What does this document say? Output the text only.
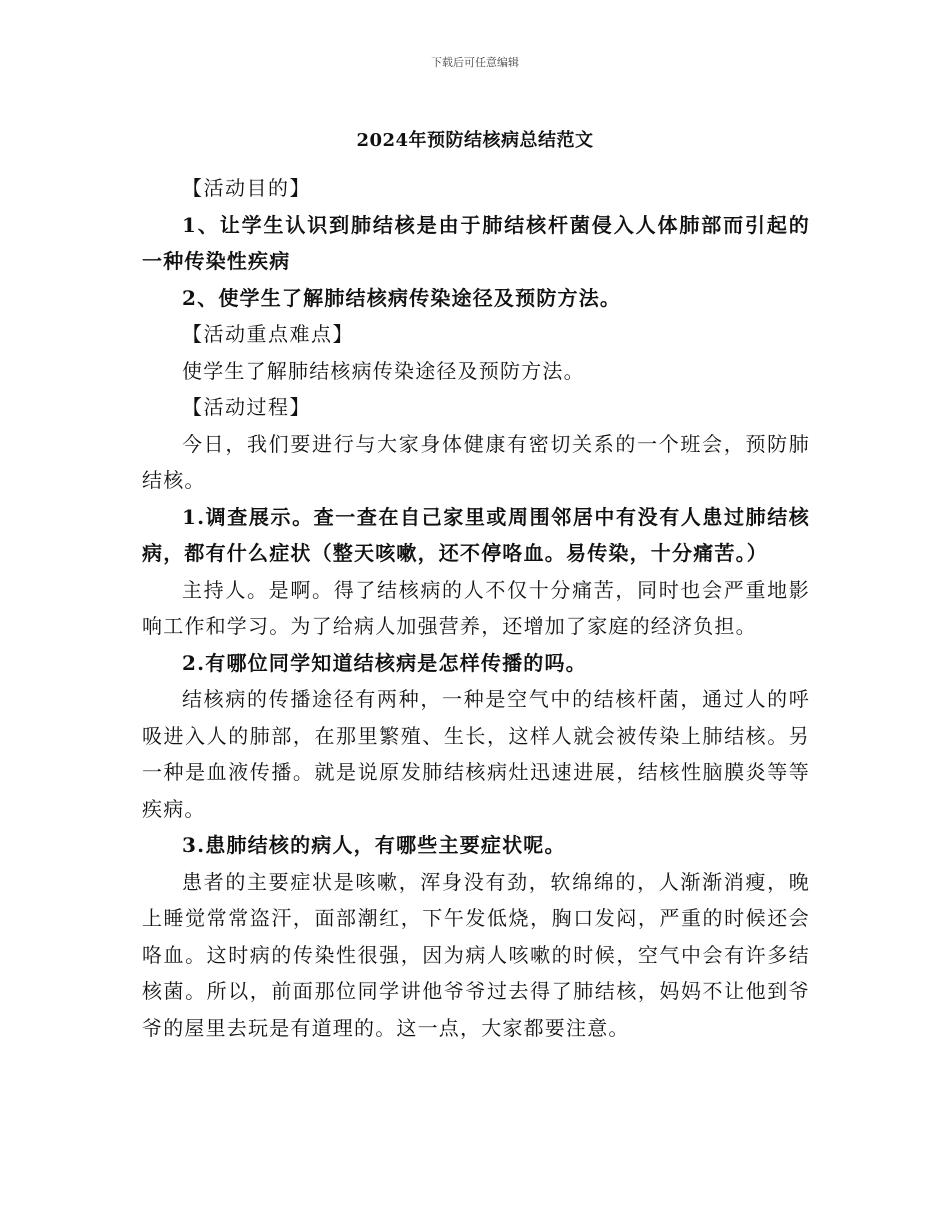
下载后可任意编辑
2024年预防结核病总结范文

【活动目的】

1、让学生认识到肺结核是由于肺结核杆菌侵入人体肺部而引起的一种传染性疾病

2、使学生了解肺结核病传染途径及预防方法。

【活动重点难点】

使学生了解肺结核病传染途径及预防方法。

【活动过程】

今日，我们要进行与大家身体健康有密切关系的一个班会，预防肺结核。

1.调查展示。查一查在自己家里或周围邻居中有没有人患过肺结核病，都有什么症状（整天咳嗽，还不停咯血。易传染，十分痛苦。）

主持人。是啊。得了结核病的人不仅十分痛苦，同时也会严重地影响工作和学习。为了给病人加强营养，还增加了家庭的经济负担。

2.有哪位同学知道结核病是怎样传播的吗。

结核病的传播途径有两种，一种是空气中的结核杆菌，通过人的呼吸进入人的肺部，在那里繁殖、生长，这样人就会被传染上肺结核。另一种是血液传播。就是说原发肺结核病灶迅速进展，结核性脑膜炎等等疾病。

3.患肺结核的病人，有哪些主要症状呢。

患者的主要症状是咳嗽，浑身没有劲，软绵绵的，人渐渐消瘦，晚上睡觉常常盗汗，面部潮红，下午发低烧，胸口发闷，严重的时候还会咯血。这时病的传染性很强，因为病人咳嗽的时候，空气中会有许多结核菌。所以，前面那位同学讲他爷爷过去得了肺结核，妈妈不让他到爷爷的屋里去玩是有道理的。这一点，大家都要注意。
